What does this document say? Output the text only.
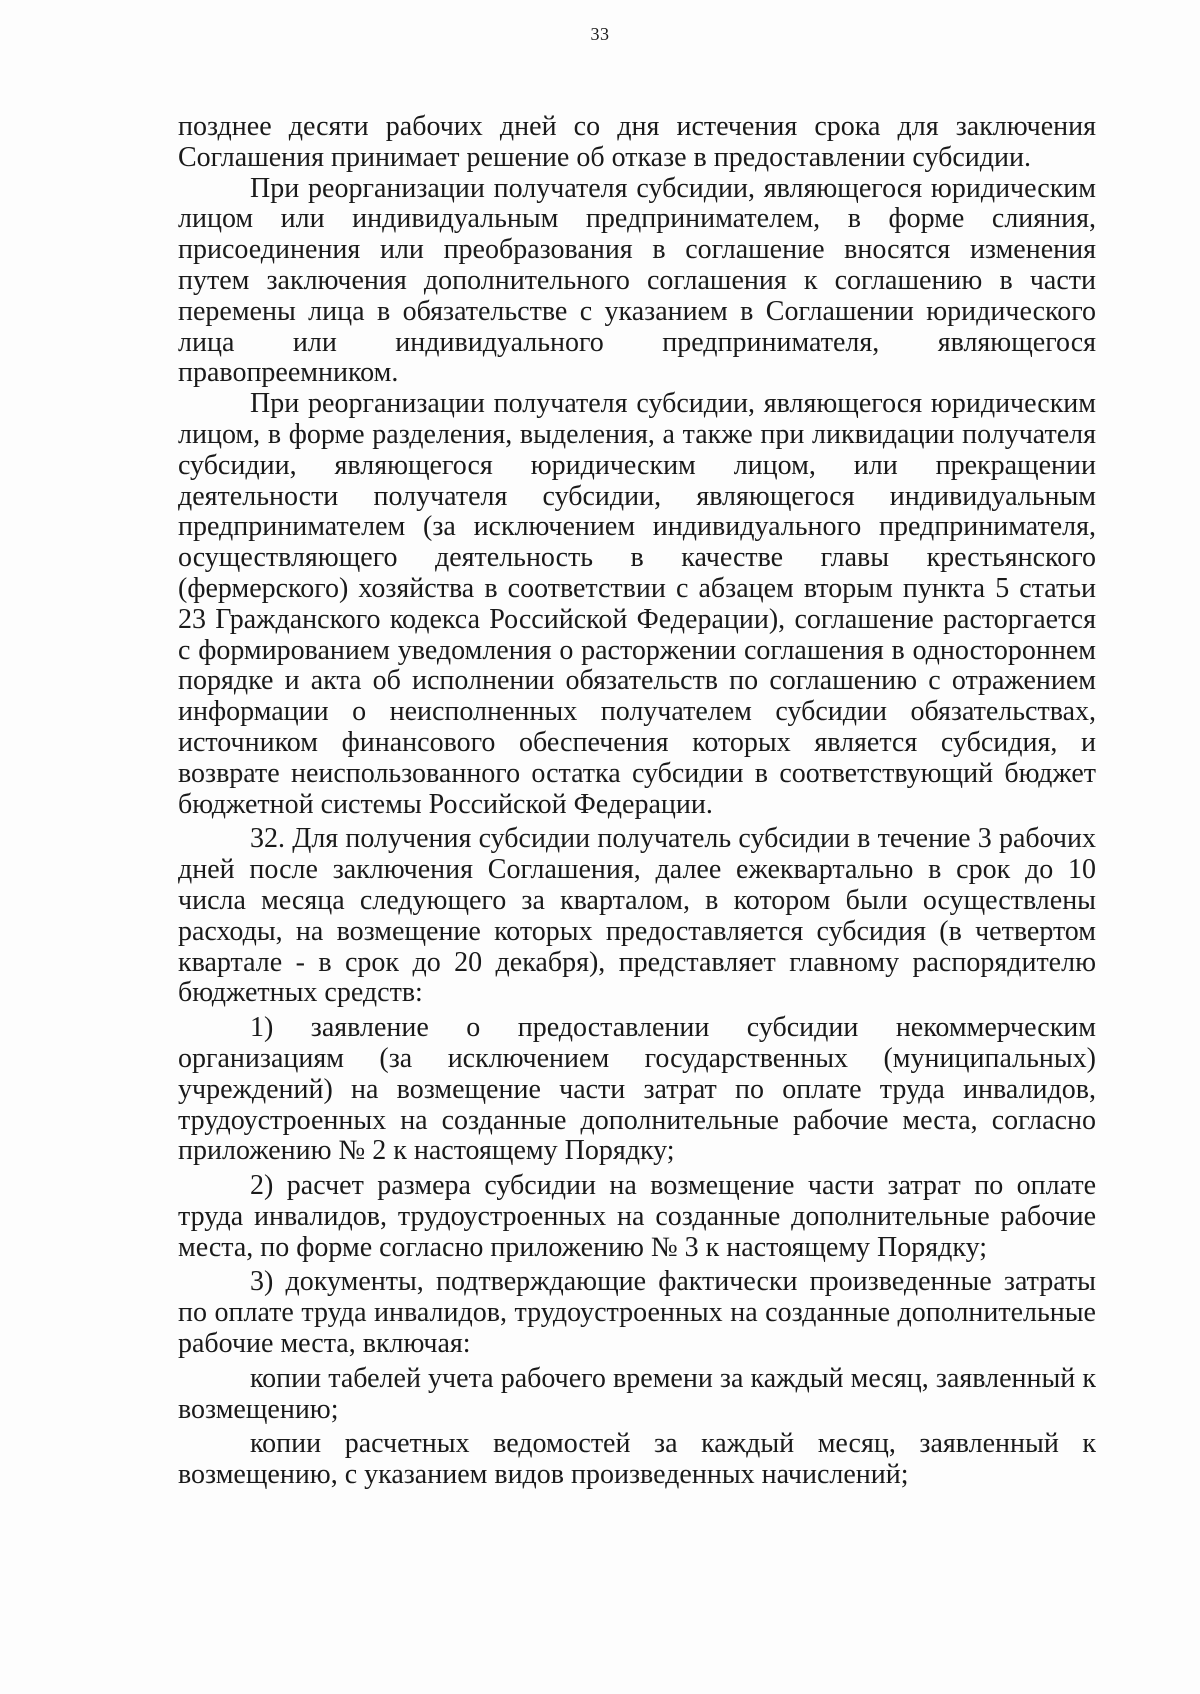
33

позднее десяти рабочих дней со дня истечения срока для заключения Соглашения принимает решение об отказе в предоставлении субсидии.

При реорганизации получателя субсидии, являющегося юридическим лицом или индивидуальным предпринимателем, в форме слияния, присоединения или преобразования в соглашение вносятся изменения путем заключения дополнительного соглашения к соглашению в части перемены лица в обязательстве с указанием в Соглашении юридического лица или индивидуального предпринимателя, являющегося правопреемником.

При реорганизации получателя субсидии, являющегося юридическим лицом, в форме разделения, выделения, а также при ликвидации получателя субсидии, являющегося юридическим лицом, или прекращении деятельности получателя субсидии, являющегося индивидуальным предпринимателем (за исключением индивидуального предпринимателя, осуществляющего деятельность в качестве главы крестьянского (фермерского) хозяйства в соответствии с абзацем вторым пункта 5 статьи 23 Гражданского кодекса Российской Федерации), соглашение расторгается с формированием уведомления о расторжении соглашения в одностороннем порядке и акта об исполнении обязательств по соглашению с отражением информации о неисполненных получателем субсидии обязательствах, источником финансового обеспечения которых является субсидия, и возврате неиспользованного остатка субсидии в соответствующий бюджет бюджетной системы Российской Федерации.

32. Для получения субсидии получатель субсидии в течение 3 рабочих дней после заключения Соглашения, далее ежеквартально в срок до 10 числа месяца следующего за кварталом, в котором были осуществлены расходы, на возмещение которых предоставляется субсидия (в четвертом квартале - в срок до 20 декабря), представляет главному распорядителю бюджетных средств:

1) заявление о предоставлении субсидии некоммерческим организациям (за исключением государственных (муниципальных) учреждений) на возмещение части затрат по оплате труда инвалидов, трудоустроенных на созданные дополнительные рабочие места, согласно приложению № 2 к настоящему Порядку;

2) расчет размера субсидии на возмещение части затрат по оплате труда инвалидов, трудоустроенных на созданные дополнительные рабочие места, по форме согласно приложению № 3 к настоящему Порядку;

3) документы, подтверждающие фактически произведенные затраты по оплате труда инвалидов, трудоустроенных на созданные дополнительные рабочие места, включая:

копии табелей учета рабочего времени за каждый месяц, заявленный к возмещению;

копии расчетных ведомостей за каждый месяц, заявленный к возмещению, с указанием видов произведенных начислений;
